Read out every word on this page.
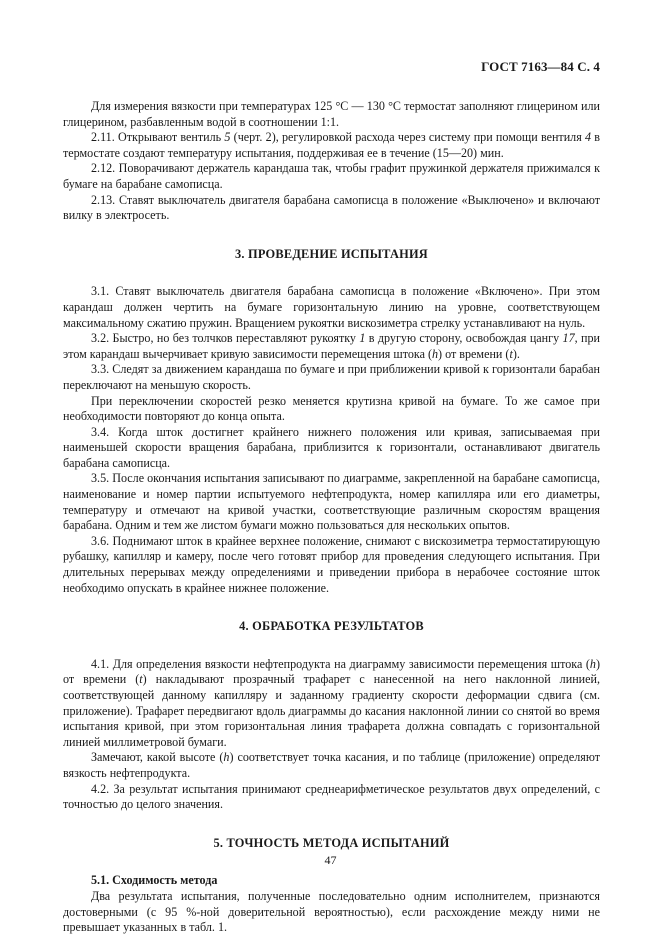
ГОСТ 7163—84 С. 4

Для измерения вязкости при температурах 125 °С — 130 °С термостат заполняют глицерином или глицерином, разбавленным водой в соотношении 1:1.

2.11. Открывают вентиль 5 (черт. 2), регулировкой расхода через систему при помощи вентиля 4 в термостате создают температуру испытания, поддерживая ее в течение (15—20) мин.

2.12. Поворачивают держатель карандаша так, чтобы графит пружинкой держателя прижимался к бумаге на барабане самописца.

2.13. Ставят выключатель двигателя барабана самописца в положение «Выключено» и включают вилку в электросеть.

3. ПРОВЕДЕНИЕ ИСПЫТАНИЯ

3.1. Ставят выключатель двигателя барабана самописца в положение «Включено». При этом карандаш должен чертить на бумаге горизонтальную линию на уровне, соответствующем максимальному сжатию пружин. Вращением рукоятки вискозиметра стрелку устанавливают на нуль.

3.2. Быстро, но без толчков переставляют рукоятку 1 в другую сторону, освобождая цангу 17, при этом карандаш вычерчивает кривую зависимости перемещения штока (h) от времени (t).

3.3. Следят за движением карандаша по бумаге и при приближении кривой к горизонтали барабан переключают на меньшую скорость.

При переключении скоростей резко меняется крутизна кривой на бумаге. То же самое при необходимости повторяют до конца опыта.

3.4. Когда шток достигнет крайнего нижнего положения или кривая, записываемая при наименьшей скорости вращения барабана, приблизится к горизонтали, останавливают двигатель барабана самописца.

3.5. После окончания испытания записывают по диаграмме, закрепленной на барабане самописца, наименование и номер партии испытуемого нефтепродукта, номер капилляра или его диаметры, температуру и отмечают на кривой участки, соответствующие различным скоростям вращения барабана. Одним и тем же листом бумаги можно пользоваться для нескольких опытов.

3.6. Поднимают шток в крайнее верхнее положение, снимают с вискозиметра термостатирующую рубашку, капилляр и камеру, после чего готовят прибор для проведения следующего испытания. При длительных перерывах между определениями и приведении прибора в нерабочее состояние шток необходимо опускать в крайнее нижнее положение.

4. ОБРАБОТКА РЕЗУЛЬТАТОВ

4.1. Для определения вязкости нефтепродукта на диаграмму зависимости перемещения штока (h) от времени (t) накладывают прозрачный трафарет с нанесенной на него наклонной линией, соответствующей данному капилляру и заданному градиенту скорости деформации сдвига (см. приложение). Трафарет передвигают вдоль диаграммы до касания наклонной линии со снятой во время испытания кривой, при этом горизонтальная линия трафарета должна совпадать с горизонтальной линией миллиметровой бумаги.

Замечают, какой высоте (h) соответствует точка касания, и по таблице (приложение) определяют вязкость нефтепродукта.

4.2. За результат испытания принимают среднеарифметическое результатов двух определений, с точностью до целого значения.

5. ТОЧНОСТЬ МЕТОДА ИСПЫТАНИЙ

5.1. Сходимость метода

Два результата испытания, полученные последовательно одним исполнителем, признаются достоверными (с 95 %-ной доверительной вероятностью), если расхождение между ними не превышает указанных в табл. 1.

47
